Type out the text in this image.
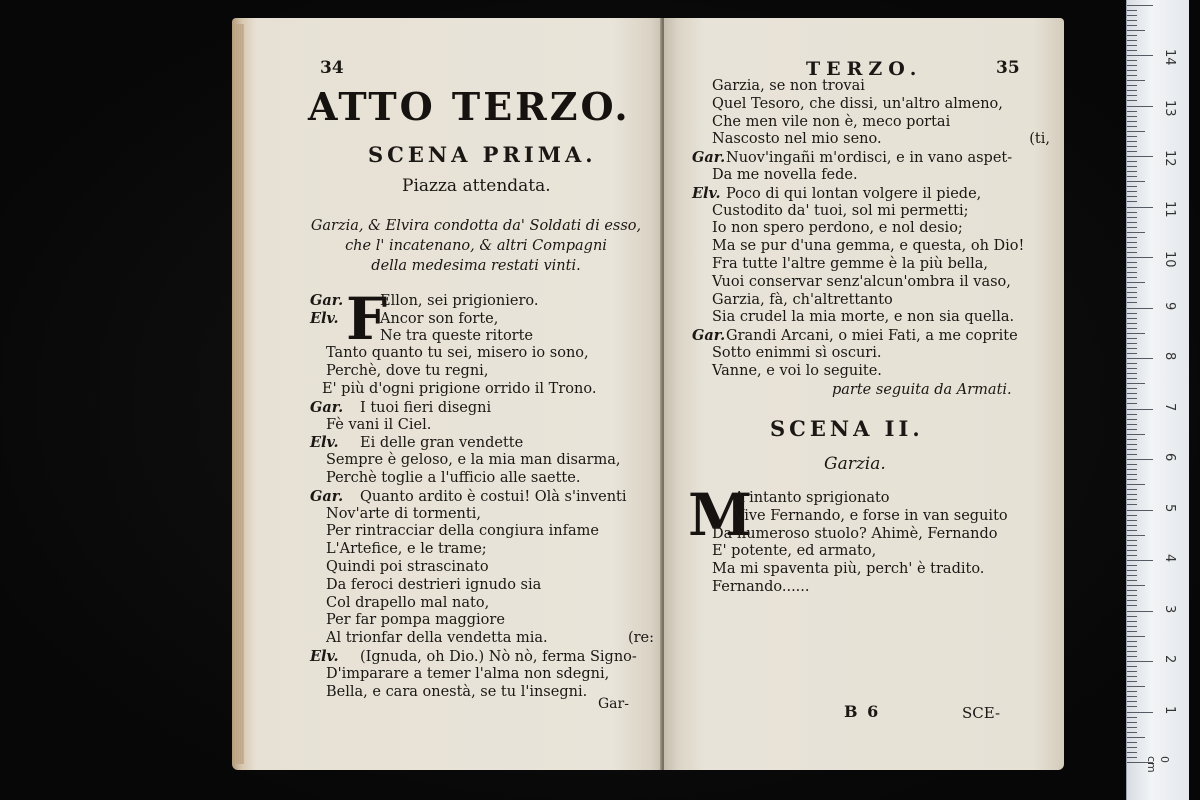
34
ATTO TERZO.
SCENA PRIMA.
Piazza attendata.
Garzia, & Elvira condotta da' Soldati di esso,
che l' incatenano, & altri Compagni
della medesima restati vinti.
F
Gar.	Ellon, sei prigioniero.
Elv.	Ancor son forte,
Ne tra queste ritorte
Tanto quanto tu sei, misero io sono,
Perchè, dove tu regni,
E' più d'ogni prigione orrido il Trono.
Gar. I tuoi fieri disegni
Fè vani il Ciel.
Elv. Ei delle gran vendette
Sempre è geloso, e la mia man disarma,
Perchè toglie a l'ufficio alle saette.
Gar. Quanto ardito è costui! Olà s'inventi
Nov'arte di tormenti,
Per rintracciar della congiura infame
L'Artefice, e le trame;
Quindi poi strascinato
Da feroci destrieri ignudo sia
Col drapello mal nato,
Per far pompa maggiore
Al trionfar della vendetta mia.	(re:
Elv. (Ignuda, oh Dio.) Nò nò, ferma Signo-
D'imparare a temer l'alma non sdegni,
Bella, e cara onestà, se tu l'insegni.
Gar-
TERZO.	35
Garzia, se non trovai
Quel Tesoro, che dissi, un'altro almeno,
Che men vile non è, meco portai
Nascosto nel mio seno.	(ti,
Gar.Nuov'ingañi m'ordisci, e in vano aspet-
Da me novella fede.
Elv. Poco di qui lontan volgere il piede,
Custodito da' tuoi, sol mi permetti;
Io non spero perdono, e nol desio;
Ma se pur d'una gemma, e questa, oh Dio!
Fra tutte l'altre gemme è la più bella,
Vuoi conservar senz'alcun'ombra il vaso,
Garzia, fà, ch'altrettanto
Sia crudel la mia morte, e non sia quella.
Gar.Grandi Arcani, o miei Fati, a me coprite
Sotto enimmi sì oscuri.
Vanne, e voi lo seguite.
parte seguita da Armati.
SCENA II.
Garzia.
M
A intanto sprigionato
Vive Fernando, e forse in van seguito
Da numeroso stuolo? Ahimè, Fernando
E' potente, ed armato,
Ma mi spaventa più, perch' è tradito.
Fernando......
B 6	SCE-
14
13
12
11
10
9
8
7
6
5
4
3
2
1
0 cm
